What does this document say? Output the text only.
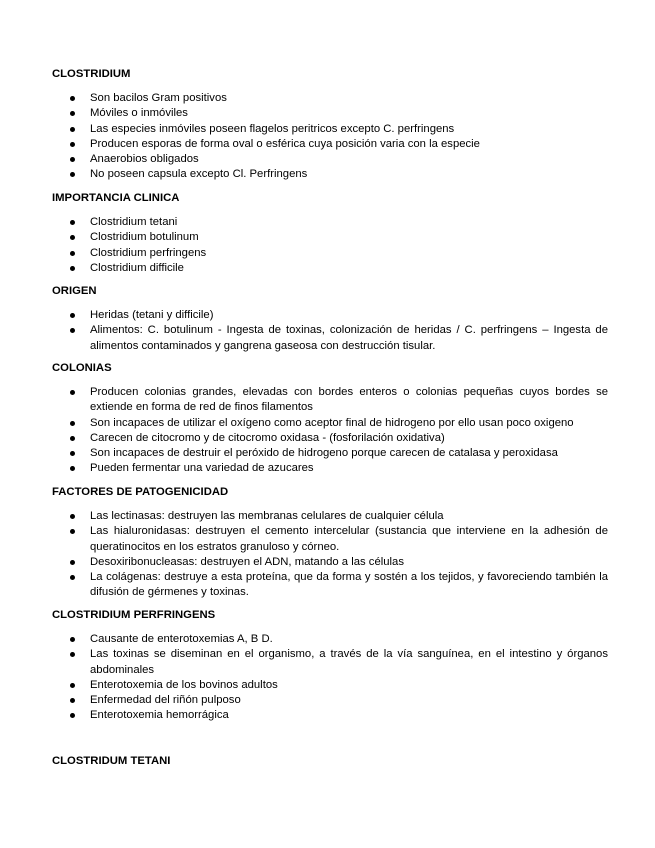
CLOSTRIDIUM

Son bacilos Gram positivos
Móviles o inmóviles
Las especies inmóviles poseen flagelos peritricos excepto C. perfringens
Producen esporas de forma oval o esférica cuya posición varia con la especie
Anaerobios obligados
No poseen capsula excepto Cl. Perfringens

IMPORTANCIA CLINICA

Clostridium tetani
Clostridium botulinum
Clostridium perfringens
Clostridium difficile

ORIGEN

Heridas (tetani y difficile)
Alimentos: C. botulinum - Ingesta de toxinas, colonización de heridas / C. perfringens – Ingesta de alimentos contaminados y gangrena gaseosa con destrucción tisular.

COLONIAS

Producen colonias grandes, elevadas con bordes enteros o colonias pequeñas cuyos bordes se extiende en forma de red de finos filamentos
Son incapaces de utilizar el oxígeno como aceptor final de hidrogeno por ello usan poco oxigeno
Carecen de citocromo y de citocromo oxidasa - (fosforilación oxidativa)
Son incapaces de destruir el peróxido de hidrogeno porque carecen de catalasa y peroxidasa
Pueden fermentar una variedad de azucares

FACTORES DE PATOGENICIDAD

Las lectinasas: destruyen las membranas celulares de cualquier célula
Las hialuronidasas: destruyen el cemento intercelular (sustancia que interviene en la adhesión de queratinocitos en los estratos granuloso y córneo.
Desoxiribonucleasas: destruyen el ADN, matando a las células
La colágenas: destruye a esta proteína, que da forma y sostén a los tejidos, y favoreciendo también la difusión de gérmenes y toxinas.

CLOSTRIDIUM PERFRINGENS

Causante de enterotoxemias A, B D.
Las toxinas se diseminan en el organismo, a través de la vía sanguínea, en el intestino y órganos abdominales
Enterotoxemia de los bovinos adultos
Enfermedad del riñón pulposo
Enterotoxemia hemorrágica

CLOSTRIDUM TETANI
